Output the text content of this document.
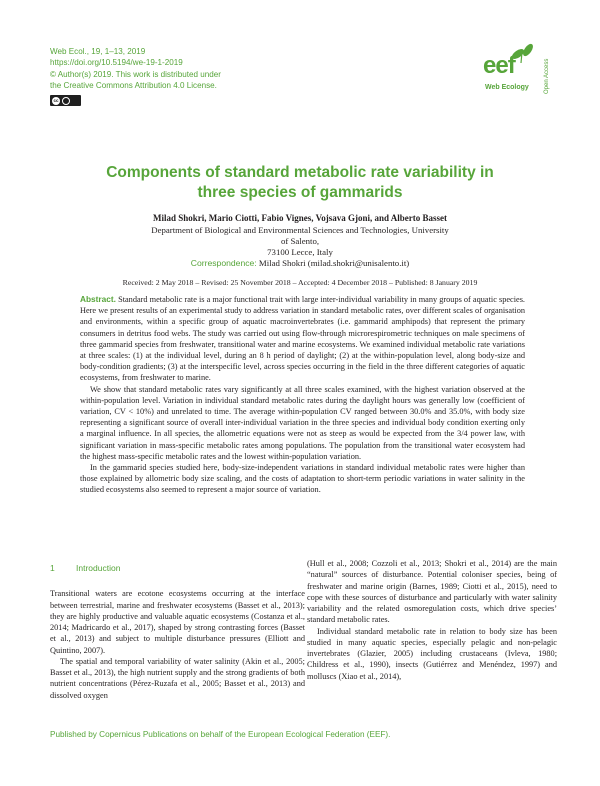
Web Ecol., 19, 1–13, 2019
https://doi.org/10.5194/we-19-1-2019
© Author(s) 2019. This work is distributed under
the Creative Commons Attribution 4.0 License.
cc
eef
Web Ecology	Open Access
Components of standard metabolic rate variability in
three species of gammarids
Milad Shokri, Mario Ciotti, Fabio Vignes, Vojsava Gjoni, and Alberto Basset
Department of Biological and Environmental Sciences and Technologies, University of Salento,
73100 Lecce, Italy
Correspondence: Milad Shokri (milad.shokri@unisalento.it)
Received: 2 May 2018 – Revised: 25 November 2018 – Accepted: 4 December 2018 – Published: 8 January 2019

Abstract. Standard metabolic rate is a major functional trait with large inter-individual variability in many groups of aquatic species. Here we present results of an experimental study to address variation in standard metabolic rates, over different scales of organisation and environments, within a specific group of aquatic macroinvertebrates (i.e. gammarid amphipods) that represent the primary consumers in detritus food webs. The study was carried out using flow-through microrespirometric techniques on male specimens of three gammarid species from freshwater, transitional water and marine ecosystems. We examined individual metabolic rate variations at three scales: (1) at the individual level, during an 8 h period of daylight; (2) at the within-population level, along body-size and body-condition gradients; (3) at the interspecific level, across species occurring in the field in the three different categories of aquatic ecosystems, from freshwater to marine.

We show that standard metabolic rates vary significantly at all three scales examined, with the highest variation observed at the within-population level. Variation in individual standard metabolic rates during the daylight hours was generally low (coefficient of variation, CV < 10%) and unrelated to time. The average within-population CV ranged between 30.0% and 35.0%, with body size representing a significant source of overall inter-individual variation in the three species and individual body condition exerting only a marginal influence. In all species, the allometric equations were not as steep as would be expected from the 3/4 power law, with significant variation in mass-specific metabolic rates among populations. The population from the transitional water ecosystem had the highest mass-specific metabolic rates and the lowest within-population variation.

In the gammarid species studied here, body-size-independent variations in standard individual metabolic rates were higher than those explained by allometric body size scaling, and the costs of adaptation to short-term periodic variations in water salinity in the studied ecosystems also seemed to represent a major source of variation.

1	Introduction

Transitional waters are ecotone ecosystems occurring at the interface between terrestrial, marine and freshwater ecosystems (Basset et al., 2013); they are highly productive and valuable aquatic ecosystems (Costanza et al., 2014; Madricardo et al., 2017), shaped by strong contrasting forces (Basset et al., 2013) and subject to multiple disturbance pressures (Elliott and Quintino, 2007).

The spatial and temporal variability of water salinity (Akin et al., 2005; Basset et al., 2013), the high nutrient supply and the strong gradients of both nutrient concentrations (Pérez-Ruzafa et al., 2005; Basset et al., 2013) and dissolved oxygen

(Hull et al., 2008; Cozzoli et al., 2013; Shokri et al., 2014) are the main “natural” sources of disturbance. Potential coloniser species, being of freshwater and marine origin (Barnes, 1989; Ciotti et al., 2015), need to cope with these sources of disturbance and particularly with water salinity variability and the related osmoregulation costs, which drive species’ standard metabolic rates.

Individual standard metabolic rate in relation to body size has been studied in many aquatic species, especially pelagic and non-pelagic invertebrates (Glazier, 2005) including crustaceans (Ivleva, 1980; Childress et al., 1990), insects (Gutiérrez and Menéndez, 1997) and molluscs (Xiao et al., 2014),

Published by Copernicus Publications on behalf of the European Ecological Federation (EEF).
